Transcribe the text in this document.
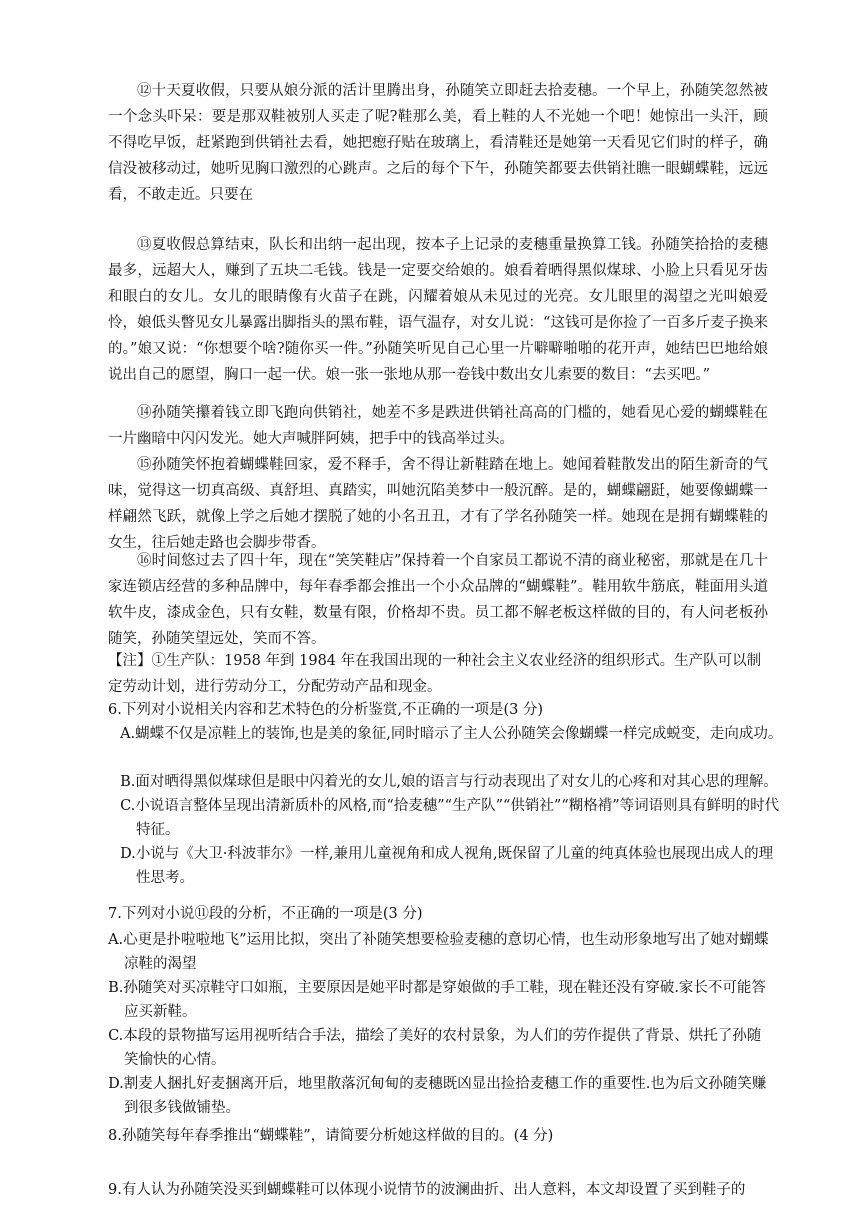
⑫十天夏收假，只要从娘分派的活计里腾出身，孙随笑立即赶去拾麦穗。一个早上，孙随笑忽然被一个念头吓呆：要是那双鞋被别人买走了呢?鞋那么美，看上鞋的人不光她一个吧！她惊出一头汗，顾不得吃早饭，赶紧跑到供销社去看，她把瘛孖贴在玻璃上，看清鞋还是她第一天看见它们时的样子，确信没被移动过，她听见胸口激烈的心跳声。之后的每个下午，孙随笑都要去供销社瞧一眼蝴蝶鞋，远远看，不敢走近。只要在

⑬夏收假总算结束，队长和出纳一起出现，按本子上记录的麦穗重量换算工钱。孙随笑拾拾的麦穗最多，远超大人，赚到了五块二毛钱。钱是一定要交给娘的。娘看着晒得黑似煤球、小脸上只看见牙齿和眼白的女儿。女儿的眼睛像有火苗子在跳，闪耀着娘从未见过的光亮。女儿眼里的渴望之光叫娘爱怜，娘低头瞥见女儿暴露出脚指头的黑布鞋，语气温存，对女儿说：“这钱可是你捡了一百多斤麦子换来的。”娘又说：“你想要个啥?随你买一件。”孙随笑听见自己心里一片噼噼啪啪的花开声，她结巴巴地给娘说出自己的愿望，胸口一起一伏。娘一张一张地从那一卷钱中数出女儿索要的数目：“去买吧。”

⑭孙随笑攥着钱立即飞跑向供销社，她差不多是跌进供销社高高的门槛的，她看见心爱的蝴蝶鞋在一片幽暗中闪闪发光。她大声喊胖阿姨，把手中的钱高举过头。

⑮孙随笑怀抱着蝴蝶鞋回家，爱不释手，舍不得让新鞋踏在地上。她闻着鞋散发出的陌生新奇的气味，觉得这一切真高级、真舒坦、真踏实，叫她沉陷美梦中一般沉醉。是的，蝴蝶翩跹，她要像蝴蝶一样翩然飞跃，就像上学之后她才摆脱了她的小名丑丑，才有了学名孙随笑一样。她现在是拥有蝴蝶鞋的女生，往后她走路也会脚步带香。

⑯时间悠过去了四十年，现在“笑笑鞋店”保持着一个自家员工都说不清的商业秘密，那就是在几十家连锁店经营的多种品牌中，每年春季都会推出一个小众品牌的“蝴蝶鞋”。鞋用软牛筋底，鞋面用头道软牛皮，漆成金色，只有女鞋，数量有限，价格却不贵。员工都不解老板这样做的目的，有人问老板孙随笑，孙随笑望远处，笑而不答。

【注】①生产队：1958 年到 1984 年在我国出现的一种社会主义农业经济的组织形式。生产队可以制定劳动计划，进行劳动分工，分配劳动产品和现金。

6.下列对小说相关内容和艺术特色的分析鉴赏,不正确的一项是(3 分)

A.蝴蝶不仅是凉鞋上的装饰,也是美的象征,同时暗示了主人公孙随笑会像蝴蝶一样完成蜕变，走向成功。

B.面对晒得黑似煤球但是眼中闪着光的女儿,娘的语言与行动表现出了对女儿的心疼和对其心思的理解。

C.小说语言整体呈现出清新质朴的风格,而“拾麦穗”“生产队”“供销社”“糊格褙”等词语则具有鲜明的时代特征。

D.小说与《大卫·科波菲尔》一样,兼用儿童视角和成人视角,既保留了儿童的纯真体验也展现出成人的理性思考。

7.下列对小说⑪段的分析，不正确的一项是(3 分)

A.心更是扑啦啦地飞”运用比拟，突出了补随笑想要检验麦穗的意切心情，也生动形象地写出了她对蝴蝶凉鞋的渴望

B.孙随笑对买凉鞋守口如瓶，主要原因是她平时都是穿娘做的手工鞋，现在鞋还没有穿破.家长不可能答应买新鞋。

C.本段的景物描写运用视听结合手法，描绘了美好的农村景象，为人们的劳作提供了背景、烘托了孙随笑愉快的心情。

D.割麦人捆扎好麦捆离开后，地里散落沉甸甸的麦穗既凶显出捡拾麦穗工作的重要性.也为后文孙随笑赚到很多钱做铺垫。

8.孙随笑每年春季推出“蝴蝶鞋”，请简要分析她这样做的目的。(4 分)

9.有人认为孙随笑没买到蝴蝶鞋可以体现小说情节的波澜曲折、出人意料，本文却设置了买到鞋子的
